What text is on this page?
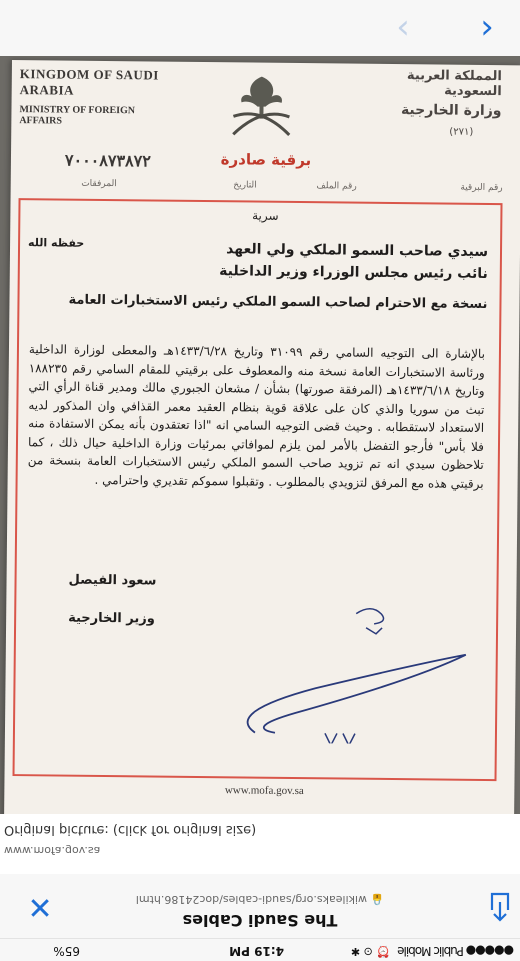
‹ ›
KINGDOM OF SAUDI ARABIA
MINISTRY OF FOREIGN AFFAIRS
٧٠٠٠٨٧٣٨٧٢
المملكة العربية السعودية
وزارة الخارجية
(٢٧١)
برقية صادرة
رقم البرقية
رقم الملف
التاريخ
المرفقات
سرية
حفظه الله	سيدي صاحب السمو الملكي ولي العهد
نائب رئيس مجلس الوزراء وزير الداخلية
نسخة مع الاحترام لصاحب السمو الملكي رئيس الاستخبارات العامة
بالإشارة الى التوجيه السامي رقم ٣١٠٩٩ وتاريخ ١٤٣٣/٦/٢٨هـ والمعطى لوزارة الداخلية ورئاسة الاستخبارات العامة نسخة منه والمعطوف على برقيتي للمقام السامي رقم ١٨٨٢٣٥ وتاريخ ١٤٣٣/٦/١٨هـ (المرفقة صورتها) بشأن / مشعان الجبوري مالك ومدير قناة الرأي التي تبث من سوريا والذي كان على علاقة قوية بنظام العقيد معمر القذافي وان المذكور لديه الاستعداد لاستقطابه . وحيث قضى التوجيه السامي انه "اذا تعتقدون بأنه يمكن الاستفادة منه فلا بأس" فأرجو التفضل بالأمر لمن يلزم لموافاتي بمرئيات وزارة الداخلية حيال ذلك ، كما تلاحظون سيدي انه تم تزويد صاحب السمو الملكي رئيس الاستخبارات العامة بنسخة من برقيتي هذه مع المرفق لتزويدي بالمطلوب . وتقبلوا سموكم تقديري واحترامي .
سعود الفيصل
وزير الخارجية
www.mofa.gov.sa
www.mofa.gov.sa
Original picture: (click for original size)
✕	The Saudi Cables
🔒 wikileaks.org/saudi-cables/doc24186.html
●●●●● Public Mobile
⏰ ⊙ ✱
4:19 PM
65%
